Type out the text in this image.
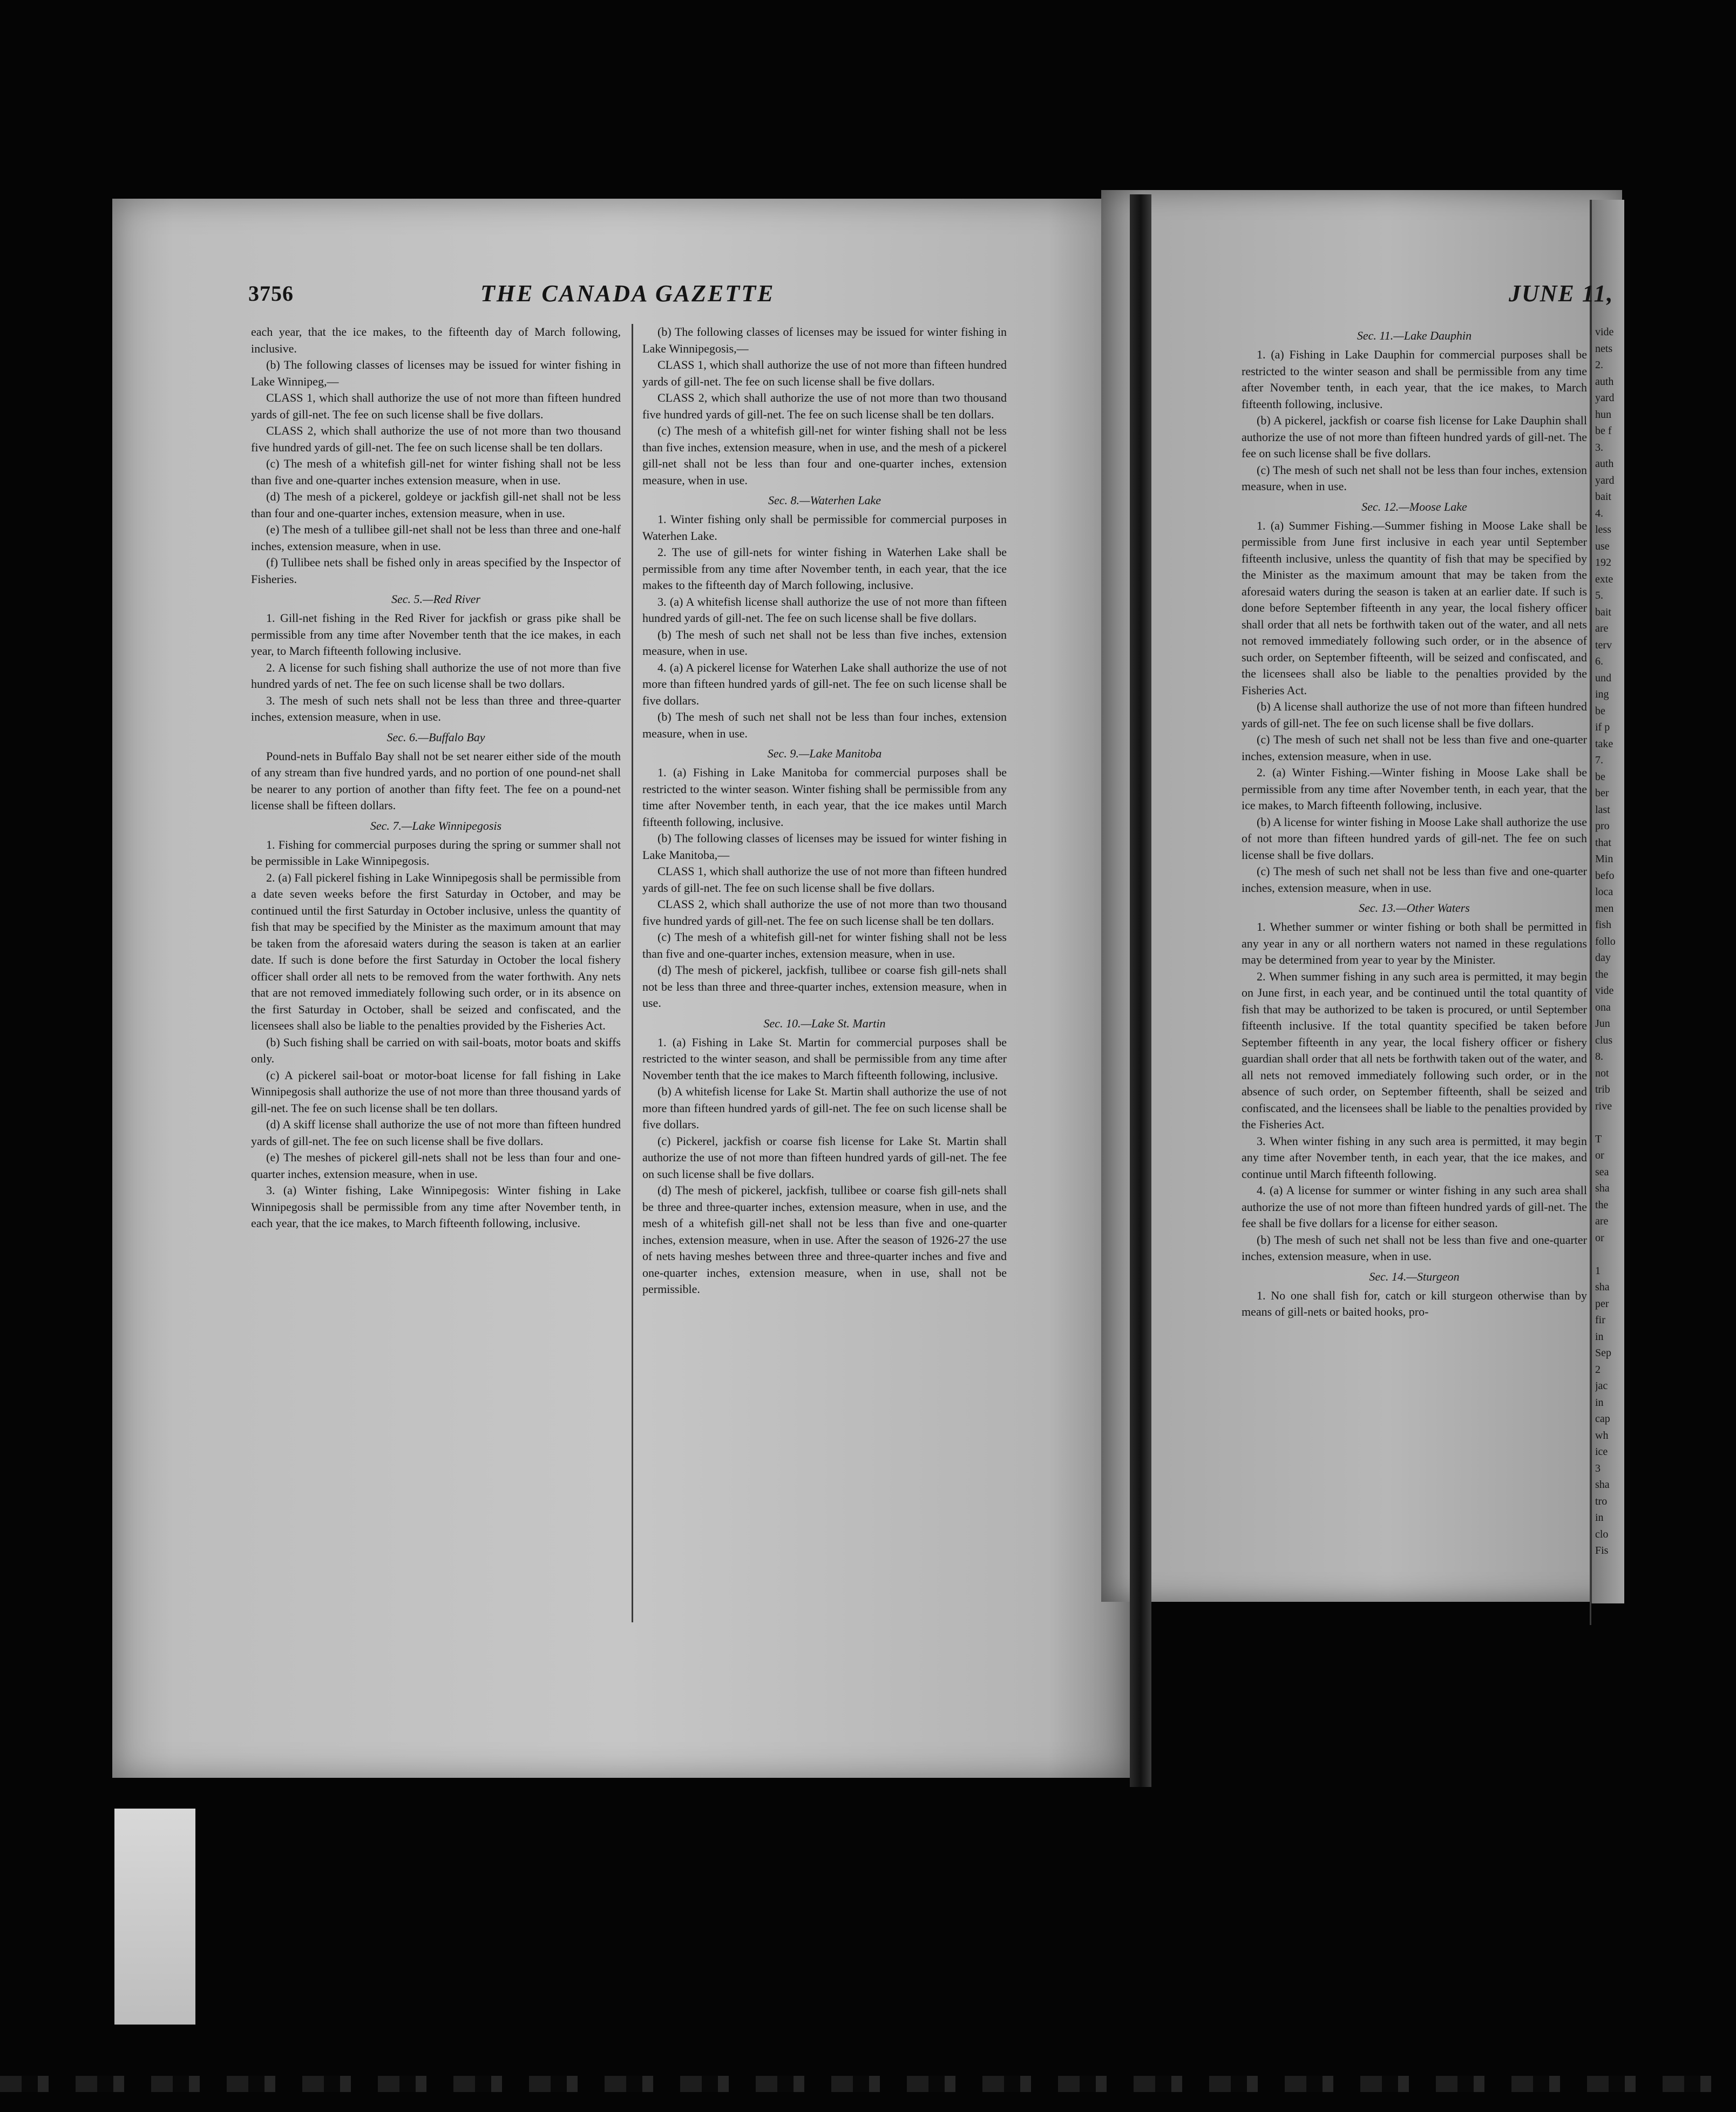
3756	THE CANADA GAZETTE	JUNE 11,

each year, that the ice makes, to the fifteenth day of March following, inclusive.

(b) The following classes of licenses may be issued for winter fishing in Lake Winnipeg,—

CLASS 1, which shall authorize the use of not more than fifteen hundred yards of gill-net. The fee on such license shall be five dollars.

CLASS 2, which shall authorize the use of not more than two thousand five hundred yards of gill-net. The fee on such license shall be ten dollars.

(c) The mesh of a whitefish gill-net for winter fishing shall not be less than five and one-quarter inches extension measure, when in use.

(d) The mesh of a pickerel, goldeye or jackfish gill-net shall not be less than four and one-quarter inches, extension measure, when in use.

(e) The mesh of a tullibee gill-net shall not be less than three and one-half inches, extension measure, when in use.

(f) Tullibee nets shall be fished only in areas specified by the Inspector of Fisheries.

Sec. 5.—Red River

1. Gill-net fishing in the Red River for jackfish or grass pike shall be permissible from any time after November tenth that the ice makes, in each year, to March fifteenth following inclusive.

2. A license for such fishing shall authorize the use of not more than five hundred yards of net. The fee on such license shall be two dollars.

3. The mesh of such nets shall not be less than three and three-quarter inches, extension measure, when in use.

Sec. 6.—Buffalo Bay

Pound-nets in Buffalo Bay shall not be set nearer either side of the mouth of any stream than five hundred yards, and no portion of one pound-net shall be nearer to any portion of another than fifty feet. The fee on a pound-net license shall be fifteen dollars.

Sec. 7.—Lake Winnipegosis

1. Fishing for commercial purposes during the spring or summer shall not be permissible in Lake Winnipegosis.

2. (a) Fall pickerel fishing in Lake Winnipegosis shall be permissible from a date seven weeks before the first Saturday in October, and may be continued until the first Saturday in October inclusive, unless the quantity of fish that may be specified by the Minister as the maximum amount that may be taken from the aforesaid waters during the season is taken at an earlier date. If such is done before the first Saturday in October the local fishery officer shall order all nets to be removed from the water forthwith. Any nets that are not removed immediately following such order, or in its absence on the first Saturday in October, shall be seized and confiscated, and the licensees shall also be liable to the penalties provided by the Fisheries Act.

(b) Such fishing shall be carried on with sail-boats, motor boats and skiffs only.

(c) A pickerel sail-boat or motor-boat license for fall fishing in Lake Winnipegosis shall authorize the use of not more than three thousand yards of gill-net. The fee on such license shall be ten dollars.

(d) A skiff license shall authorize the use of not more than fifteen hundred yards of gill-net. The fee on such license shall be five dollars.

(e) The meshes of pickerel gill-nets shall not be less than four and one-quarter inches, extension measure, when in use.

3. (a) Winter fishing, Lake Winnipegosis: Winter fishing in Lake Winnipegosis shall be permissible from any time after November tenth, in each year, that the ice makes, to March fifteenth following, inclusive.

(b) The following classes of licenses may be issued for winter fishing in Lake Winnipegosis,—

CLASS 1, which shall authorize the use of not more than fifteen hundred yards of gill-net. The fee on such license shall be five dollars.

CLASS 2, which shall authorize the use of not more than two thousand five hundred yards of gill-net. The fee on such license shall be ten dollars.

(c) The mesh of a whitefish gill-net for winter fishing shall not be less than five inches, extension measure, when in use, and the mesh of a pickerel gill-net shall not be less than four and one-quarter inches, extension measure, when in use.

Sec. 8.—Waterhen Lake

1. Winter fishing only shall be permissible for commercial purposes in Waterhen Lake.

2. The use of gill-nets for winter fishing in Waterhen Lake shall be permissible from any time after November tenth, in each year, that the ice makes to the fifteenth day of March following, inclusive.

3. (a) A whitefish license shall authorize the use of not more than fifteen hundred yards of gill-net. The fee on such license shall be five dollars.

(b) The mesh of such net shall not be less than five inches, extension measure, when in use.

4. (a) A pickerel license for Waterhen Lake shall authorize the use of not more than fifteen hundred yards of gill-net. The fee on such license shall be five dollars.

(b) The mesh of such net shall not be less than four inches, extension measure, when in use.

Sec. 9.—Lake Manitoba

1. (a) Fishing in Lake Manitoba for commercial purposes shall be restricted to the winter season. Winter fishing shall be permissible from any time after November tenth, in each year, that the ice makes until March fifteenth following, inclusive.

(b) The following classes of licenses may be issued for winter fishing in Lake Manitoba,—

CLASS 1, which shall authorize the use of not more than fifteen hundred yards of gill-net. The fee on such license shall be five dollars.

CLASS 2, which shall authorize the use of not more than two thousand five hundred yards of gill-net. The fee on such license shall be ten dollars.

(c) The mesh of a whitefish gill-net for winter fishing shall not be less than five and one-quarter inches, extension measure, when in use.

(d) The mesh of pickerel, jackfish, tullibee or coarse fish gill-nets shall not be less than three and three-quarter inches, extension measure, when in use.

Sec. 10.—Lake St. Martin

1. (a) Fishing in Lake St. Martin for commercial purposes shall be restricted to the winter season, and shall be permissible from any time after November tenth that the ice makes to March fifteenth following, inclusive.

(b) A whitefish license for Lake St. Martin shall authorize the use of not more than fifteen hundred yards of gill-net. The fee on such license shall be five dollars.

(c) Pickerel, jackfish or coarse fish license for Lake St. Martin shall authorize the use of not more than fifteen hundred yards of gill-net. The fee on such license shall be five dollars.

(d) The mesh of pickerel, jackfish, tullibee or coarse fish gill-nets shall be three and three-quarter inches, extension measure, when in use, and the mesh of a whitefish gill-net shall not be less than five and one-quarter inches, extension measure, when in use. After the season of 1926-27 the use of nets having meshes between three and three-quarter inches and five and one-quarter inches, extension measure, when in use, shall not be permissible.

Sec. 11.—Lake Dauphin

1. (a) Fishing in Lake Dauphin for commercial purposes shall be restricted to the winter season and shall be permissible from any time after November tenth, in each year, that the ice makes, to March fifteenth following, inclusive.

(b) A pickerel, jackfish or coarse fish license for Lake Dauphin shall authorize the use of not more than fifteen hundred yards of gill-net. The fee on such license shall be five dollars.

(c) The mesh of such net shall not be less than four inches, extension measure, when in use.

Sec. 12.—Moose Lake

1. (a) Summer Fishing.—Summer fishing in Moose Lake shall be permissible from June first inclusive in each year until September fifteenth inclusive, unless the quantity of fish that may be specified by the Minister as the maximum amount that may be taken from the aforesaid waters during the season is taken at an earlier date. If such is done before September fifteenth in any year, the local fishery officer shall order that all nets be forthwith taken out of the water, and all nets not removed immediately following such order, or in the absence of such order, on September fifteenth, will be seized and confiscated, and the licensees shall also be liable to the penalties provided by the Fisheries Act.

(b) A license shall authorize the use of not more than fifteen hundred yards of gill-net. The fee on such license shall be five dollars.

(c) The mesh of such net shall not be less than five and one-quarter inches, extension measure, when in use.

2. (a) Winter Fishing.—Winter fishing in Moose Lake shall be permissible from any time after November tenth, in each year, that the ice makes, to March fifteenth following, inclusive.

(b) A license for winter fishing in Moose Lake shall authorize the use of not more than fifteen hundred yards of gill-net. The fee on such license shall be five dollars.

(c) The mesh of such net shall not be less than five and one-quarter inches, extension measure, when in use.

Sec. 13.—Other Waters

1. Whether summer or winter fishing or both shall be permitted in any year in any or all northern waters not named in these regulations may be determined from year to year by the Minister.

2. When summer fishing in any such area is permitted, it may begin on June first, in each year, and be continued until the total quantity of fish that may be authorized to be taken is procured, or until September fifteenth inclusive. If the total quantity specified be taken before September fifteenth in any year, the local fishery officer or fishery guardian shall order that all nets be forthwith taken out of the water, and all nets not removed immediately following such order, or in the absence of such order, on September fifteenth, shall be seized and confiscated, and the licensees shall be liable to the penalties provided by the Fisheries Act.

3. When winter fishing in any such area is permitted, it may begin any time after November tenth, in each year, that the ice makes, and continue until March fifteenth following.

4. (a) A license for summer or winter fishing in any such area shall authorize the use of not more than fifteen hundred yards of gill-net. The fee shall be five dollars for a license for either season.

(b) The mesh of such net shall not be less than five and one-quarter inches, extension measure, when in use.

Sec. 14.—Sturgeon

1. No one shall fish for, catch or kill sturgeon otherwise than by means of gill-nets or baited hooks, pro-

vide
nets
2.
auth
yard
hun
be f
3.
auth
yard
bait
4.
less
use
192
exte
5.
bait
are
terv
6.
und
ing
be
if p
take
7.
be
ber
last
pro
that
Min
befo
loca
men
fish
follo
day
the
vide
ona
Jun
clus
8.
not
trib
rive
T
or
sea
sha
the
are
or
1
sha
per
fir
in
Sep
2
jac
in
cap
wh
ice
3
sha
tro
in
clo
Fis
